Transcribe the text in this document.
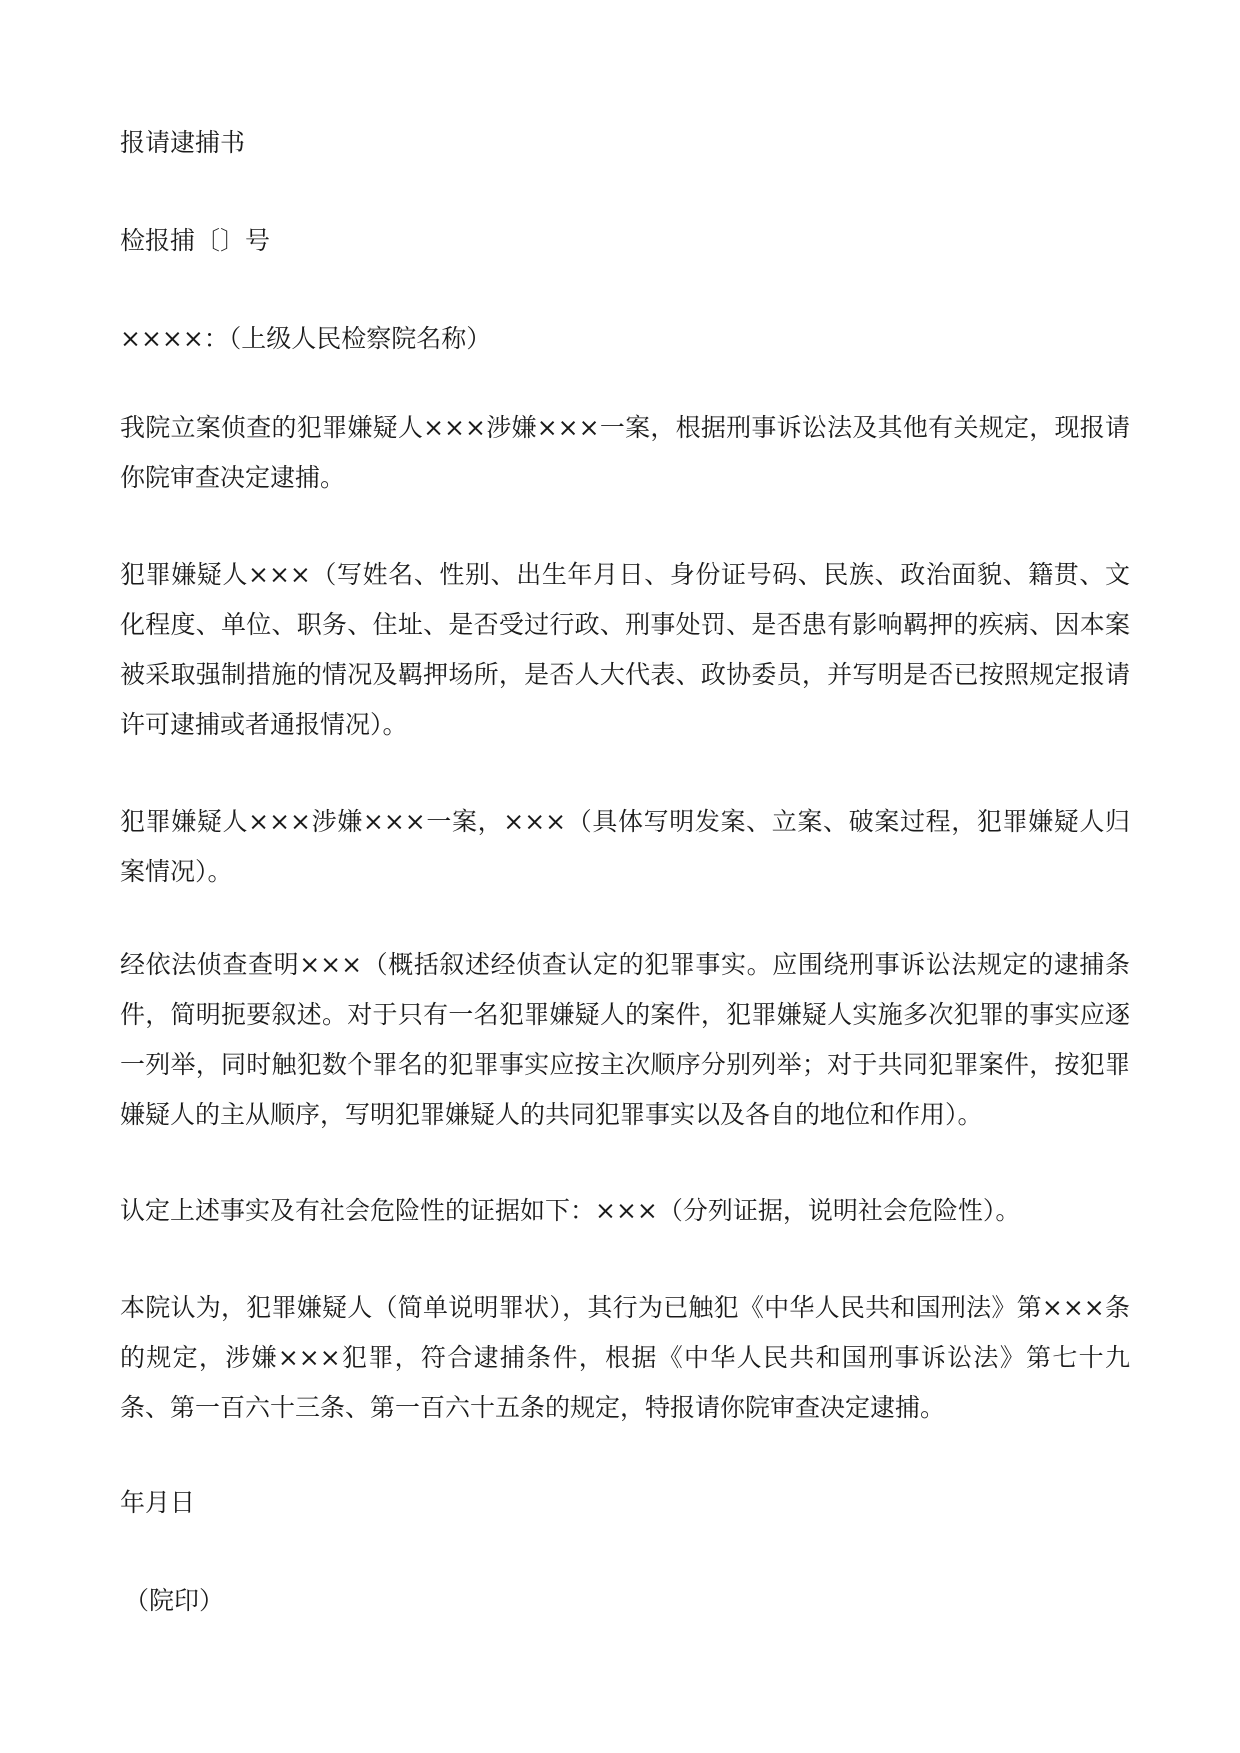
报请逮捕书

检报捕〔〕号

××××：（上级人民检察院名称）

我院立案侦查的犯罪嫌疑人×××涉嫌×××一案，根据刑事诉讼法及其他有关规定，现报请你院审查决定逮捕。

犯罪嫌疑人×××（写姓名、性别、出生年月日、身份证号码、民族、政治面貌、籍贯、文化程度、单位、职务、住址、是否受过行政、刑事处罚、是否患有影响羁押的疾病、因本案被采取强制措施的情况及羁押场所，是否人大代表、政协委员，并写明是否已按照规定报请许可逮捕或者通报情况）。

犯罪嫌疑人×××涉嫌×××一案，×××（具体写明发案、立案、破案过程，犯罪嫌疑人归案情况）。

经依法侦查查明×××（概括叙述经侦查认定的犯罪事实。应围绕刑事诉讼法规定的逮捕条件，简明扼要叙述。对于只有一名犯罪嫌疑人的案件，犯罪嫌疑人实施多次犯罪的事实应逐一列举，同时触犯数个罪名的犯罪事实应按主次顺序分别列举；对于共同犯罪案件，按犯罪嫌疑人的主从顺序，写明犯罪嫌疑人的共同犯罪事实以及各自的地位和作用）。

认定上述事实及有社会危险性的证据如下：×××（分列证据，说明社会危险性）。

本院认为，犯罪嫌疑人（简单说明罪状），其行为已触犯《中华人民共和国刑法》第×××条的规定，涉嫌×××犯罪，符合逮捕条件，根据《中华人民共和国刑事诉讼法》第七十九条、第一百六十三条、第一百六十五条的规定，特报请你院审查决定逮捕。

年月日

（院印）
